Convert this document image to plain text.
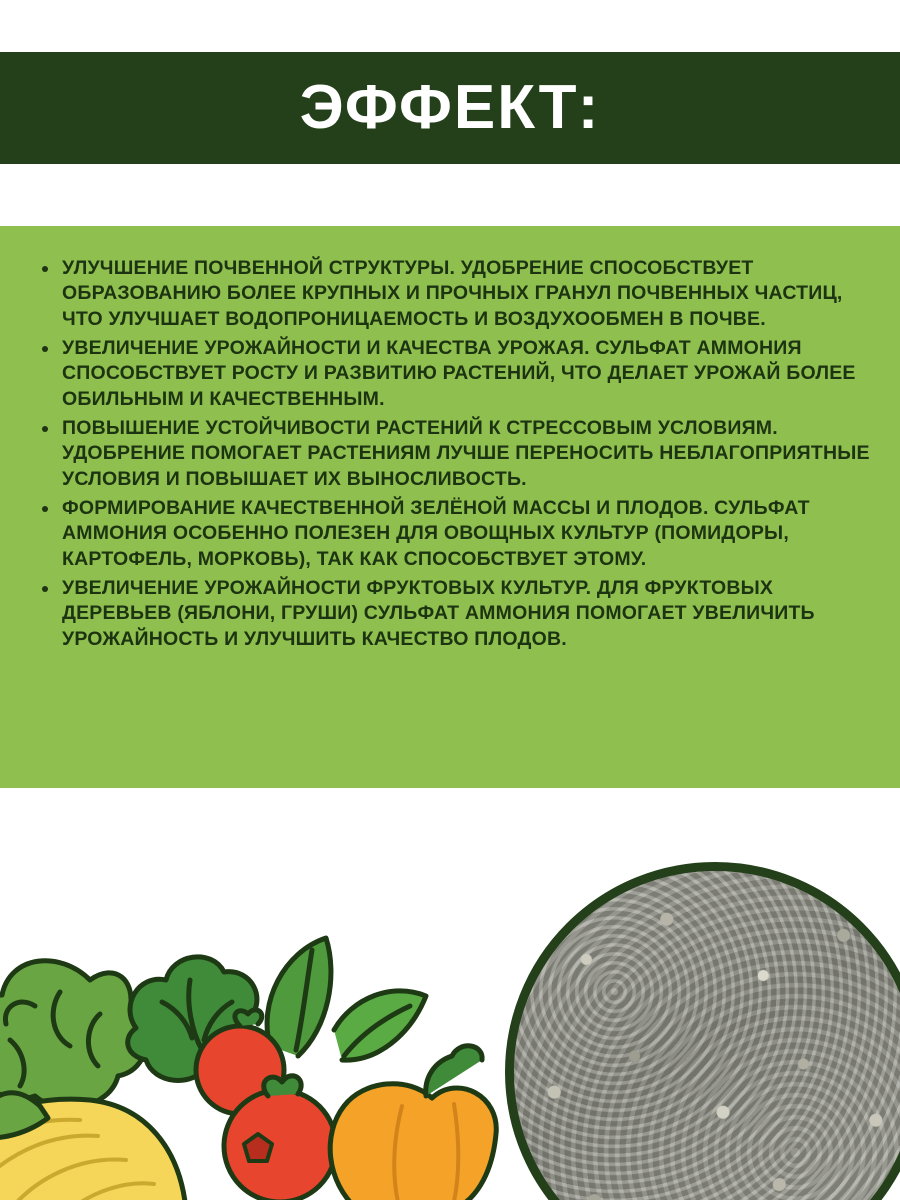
ЭФФЕКТ:
УЛУЧШЕНИЕ ПОЧВЕННОЙ СТРУКТУРЫ. УДОБРЕНИЕ СПОСОБСТВУЕТ ОБРАЗОВАНИЮ БОЛЕЕ КРУПНЫХ И ПРОЧНЫХ ГРАНУЛ ПОЧВЕННЫХ ЧАСТИЦ, ЧТО УЛУЧШАЕТ ВОДОПРОНИЦАЕМОСТЬ И ВОЗДУХООБМЕН В ПОЧВЕ.
УВЕЛИЧЕНИЕ УРОЖАЙНОСТИ И КАЧЕСТВА УРОЖАЯ. СУЛЬФАТ АММОНИЯ СПОСОБСТВУЕТ РОСТУ И РАЗВИТИЮ РАСТЕНИЙ, ЧТО ДЕЛАЕТ УРОЖАЙ БОЛЕЕ ОБИЛЬНЫМ И КАЧЕСТВЕННЫМ.
ПОВЫШЕНИЕ УСТОЙЧИВОСТИ РАСТЕНИЙ К СТРЕССОВЫМ УСЛОВИЯМ. УДОБРЕНИЕ ПОМОГАЕТ РАСТЕНИЯМ ЛУЧШЕ ПЕРЕНОСИТЬ НЕБЛАГОПРИЯТНЫЕ УСЛОВИЯ И ПОВЫШАЕТ ИХ ВЫНОСЛИВОСТЬ.
ФОРМИРОВАНИЕ КАЧЕСТВЕННОЙ ЗЕЛЁНОЙ МАССЫ И ПЛОДОВ. СУЛЬФАТ АММОНИЯ ОСОБЕННО ПОЛЕЗЕН ДЛЯ ОВОЩНЫХ КУЛЬТУР (ПОМИДОРЫ, КАРТОФЕЛЬ, МОРКОВЬ), ТАК КАК СПОСОБСТВУЕТ ЭТОМУ.
УВЕЛИЧЕНИЕ УРОЖАЙНОСТИ ФРУКТОВЫХ КУЛЬТУР. ДЛЯ ФРУКТОВЫХ ДЕРЕВЬЕВ (ЯБЛОНИ, ГРУШИ) СУЛЬФАТ АММОНИЯ ПОМОГАЕТ УВЕЛИЧИТЬ УРОЖАЙНОСТЬ И УЛУЧШИТЬ КАЧЕСТВО ПЛОДОВ.
